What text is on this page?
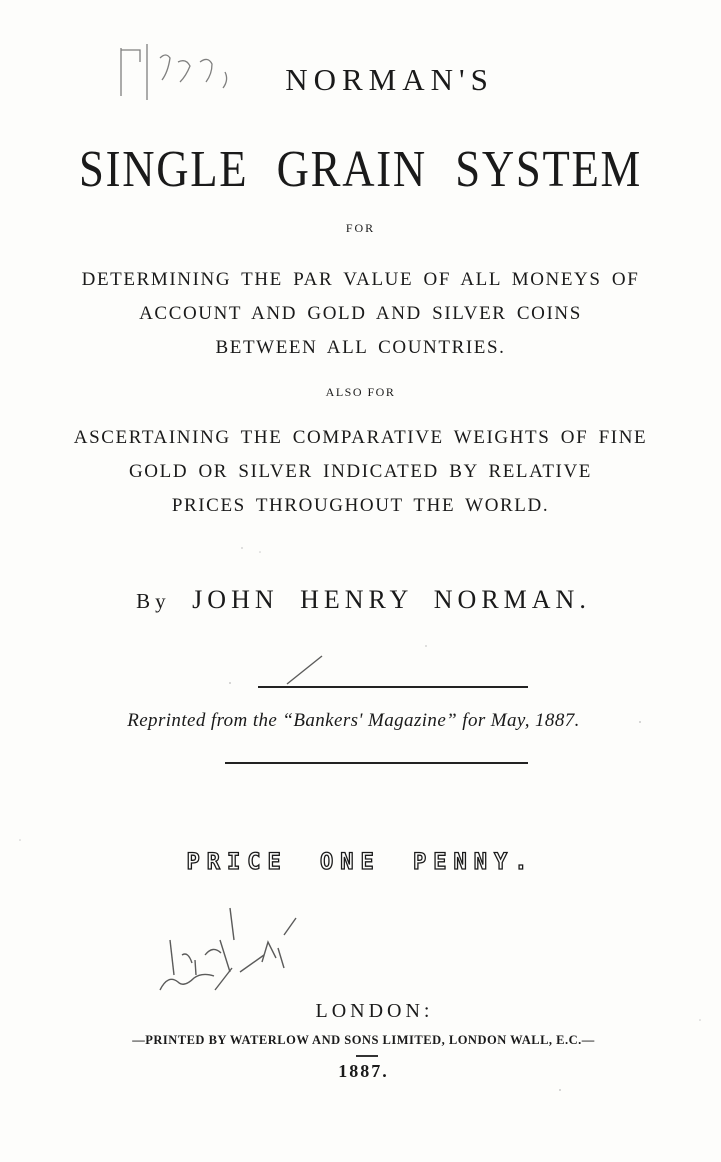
NORMAN'S
SINGLE GRAIN SYSTEM
FOR
DETERMINING THE PAR VALUE OF ALL MONEYS OF
ACCOUNT AND GOLD AND SILVER COINS
BETWEEN ALL COUNTRIES.
ALSO FOR
ASCERTAINING THE COMPARATIVE WEIGHTS OF FINE
GOLD OR SILVER INDICATED BY RELATIVE
PRICES THROUGHOUT THE WORLD.
By JOHN HENRY NORMAN.
Reprinted from the “Bankers' Magazine” for May, 1887.
PRICE ONE PENNY.
LONDON:
—PRINTED BY WATERLOW AND SONS LIMITED, LONDON WALL, E.C.—
1887.
